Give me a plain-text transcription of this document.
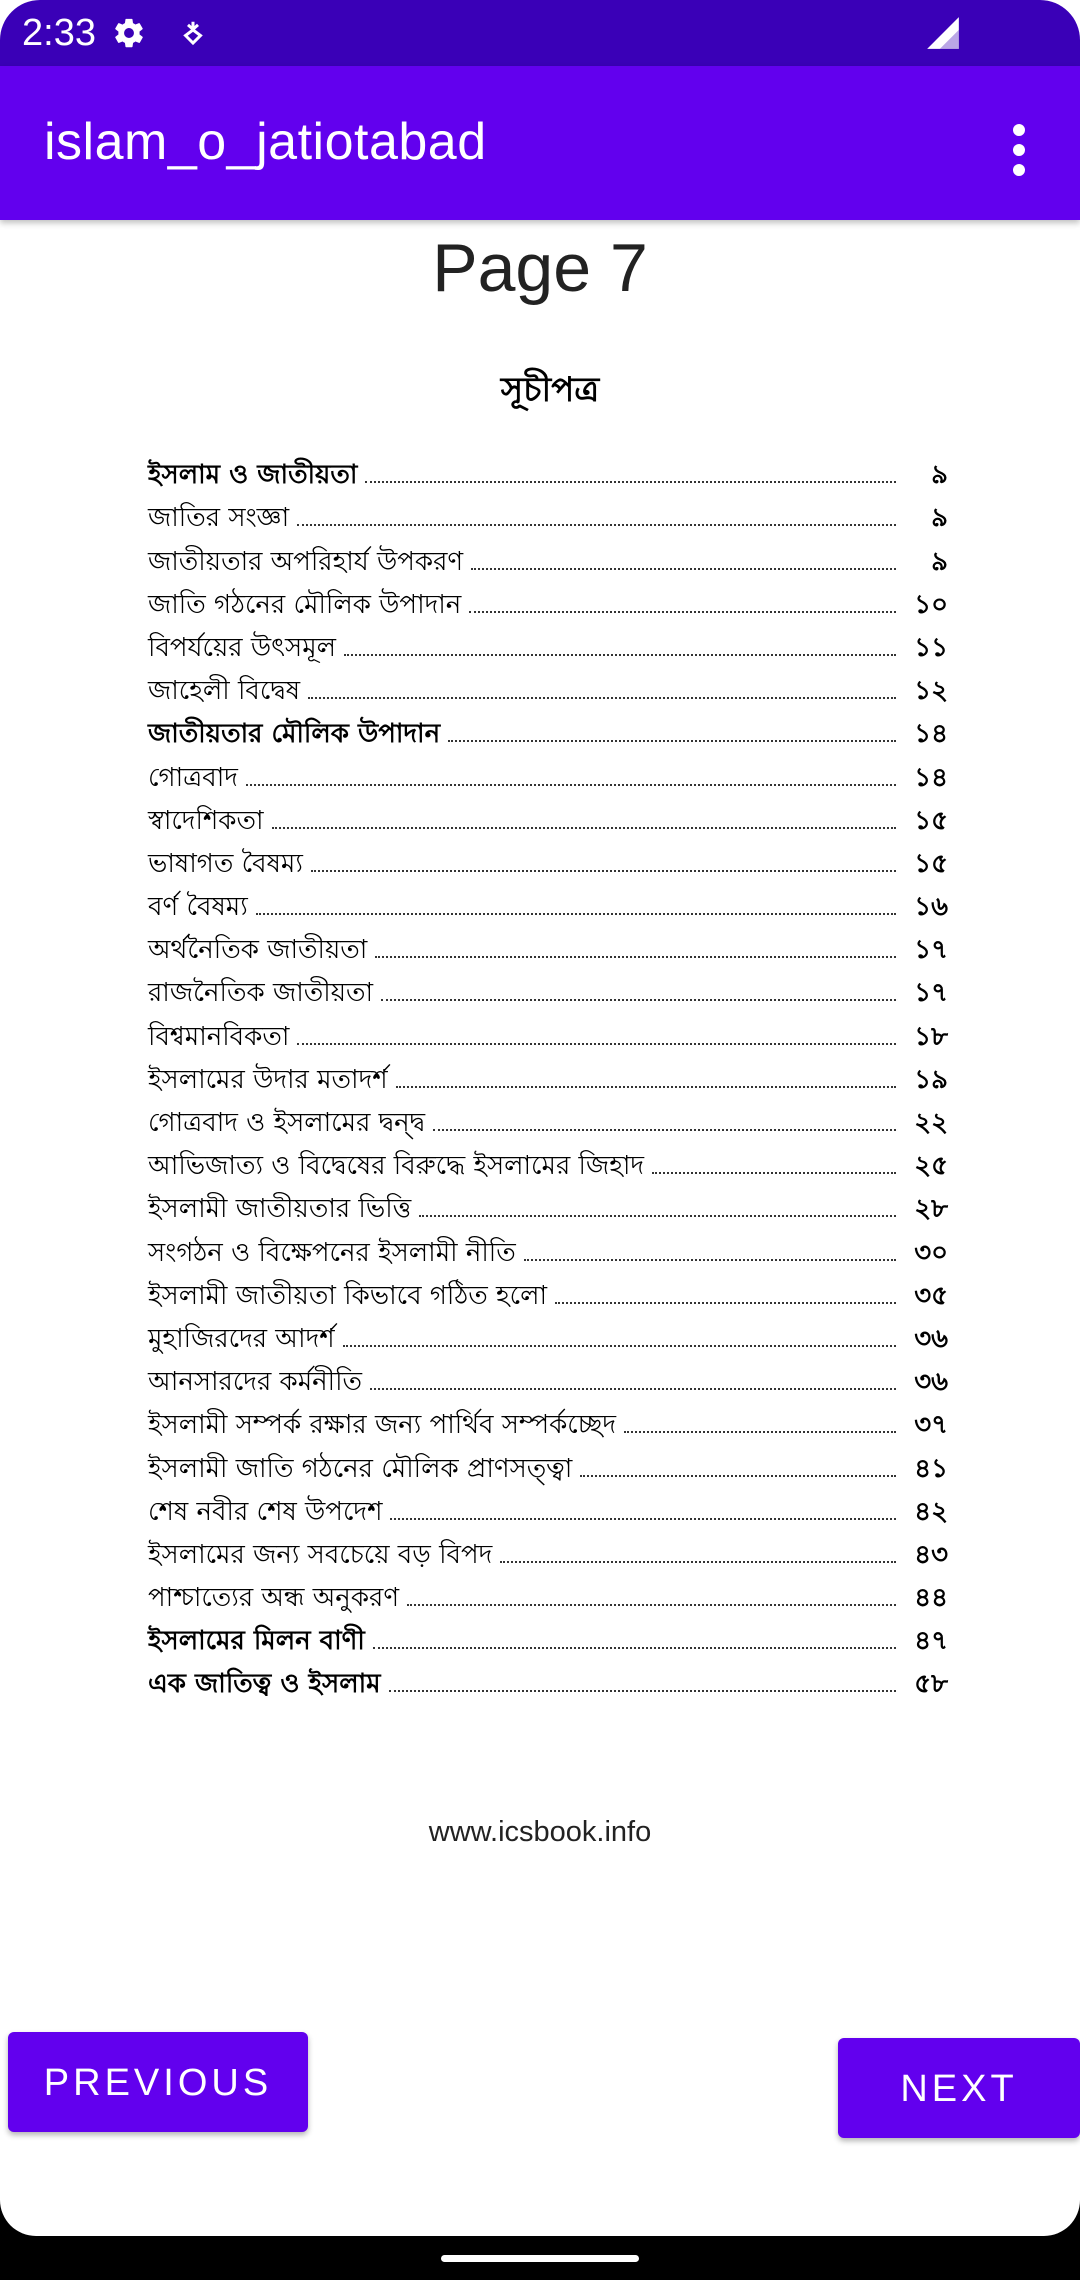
2:33
islam_o_jatiotabad
Page 7
সূচীপত্র
ইসলাম ও জাতীয়তা	৯
জাতির সংজ্ঞা	৯
জাতীয়তার অপরিহার্য উপকরণ	৯
জাতি গঠনের মৌলিক উপাদান	১০
বিপর্যয়ের উৎসমূল	১১
জাহেলী বিদ্বেষ	১২
জাতীয়তার মৌলিক উপাদান	১৪
গোত্রবাদ	১৪
স্বাদেশিকতা	১৫
ভাষাগত বৈষম্য	১৫
বর্ণ বৈষম্য	১৬
অর্থনৈতিক জাতীয়তা	১৭
রাজনৈতিক জাতীয়তা	১৭
বিশ্বমানবিকতা	১৮
ইসলামের উদার মতাদর্শ	১৯
গোত্রবাদ ও ইসলামের দ্বন্দ্ব	২২
আভিজাত্য ও বিদ্বেষের বিরুদ্ধে ইসলামের জিহাদ	২৫
ইসলামী জাতীয়তার ভিত্তি	২৮
সংগঠন ও বিক্ষেপনের ইসলামী নীতি	৩০
ইসলামী জাতীয়তা কিভাবে গঠিত হলো	৩৫
মুহাজিরদের আদর্শ	৩৬
আনসারদের কর্মনীতি	৩৬
ইসলামী সম্পর্ক রক্ষার জন্য পার্থিব সম্পর্কচ্ছেদ	৩৭
ইসলামী জাতি গঠনের মৌলিক প্রাণসত্ত্বা	৪১
শেষ নবীর শেষ উপদেশ	৪২
ইসলামের জন্য সবচেয়ে বড় বিপদ	৪৩
পাশ্চাত্যের অন্ধ অনুকরণ	৪৪
ইসলামের মিলন বাণী	৪৭
এক জাতিত্ব ও ইসলাম	৫৮
www.icsbook.info
PREVIOUS	NEXT
